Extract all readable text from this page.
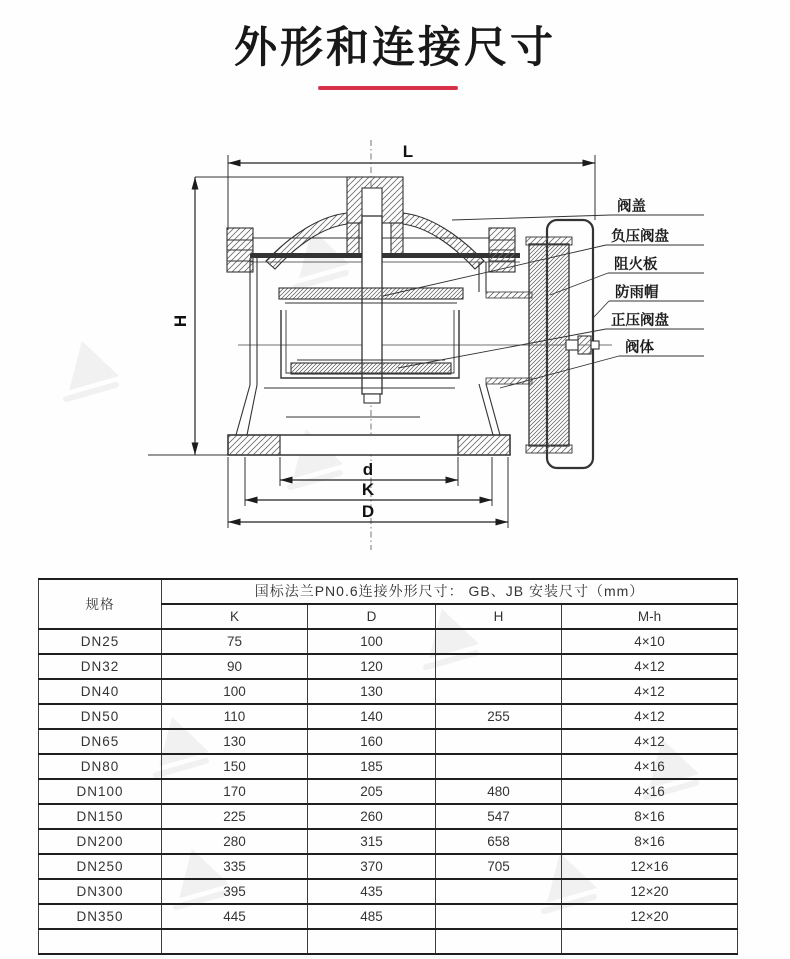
外形和连接尺寸
L
H
阀盖
负压阀盘
阻火板
防雨帽
正压阀盘
阀体
d
K
D
规格	国标法兰PN0.6连接外形尺寸： GB、JB 安装尺寸（mm）			
	K	D	H	M-h
DN25	75	100		4×10
DN32	90	120		4×12
DN40	100	130		4×12
DN50	110	140	255	4×12
DN65	130	160		4×12
DN80	150	185		4×16
DN100	170	205	480	4×16
DN150	225	260	547	8×16
DN200	280	315	658	8×16
DN250	335	370	705	12×16
DN300	395	435		12×20
DN350	445	485		12×20
